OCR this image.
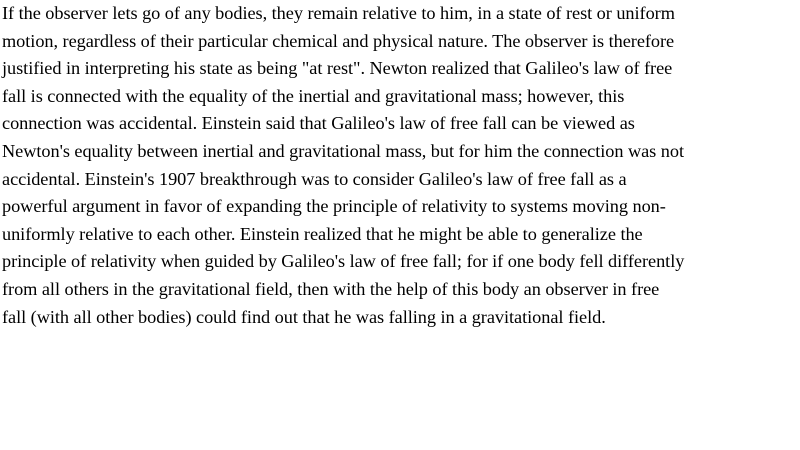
If the observer lets go of any bodies, they remain relative to him, in a state of rest or uniform
motion, regardless of their particular chemical and physical nature. The observer is therefore
justified in interpreting his state as being "at rest". Newton realized that Galileo's law of free
fall is connected with the equality of the inertial and gravitational mass; however, this
connection was accidental. Einstein said that Galileo's law of free fall can be viewed as
Newton's equality between inertial and gravitational mass, but for him the connection was not
accidental. Einstein's 1907 breakthrough was to consider Galileo's law of free fall as a
powerful argument in favor of expanding the principle of relativity to systems moving non-
uniformly relative to each other. Einstein realized that he might be able to generalize the
principle of relativity when guided by Galileo's law of free fall; for if one body fell differently
from all others in the gravitational field, then with the help of this body an observer in free
fall (with all other bodies) could find out that he was falling in a gravitational field.
